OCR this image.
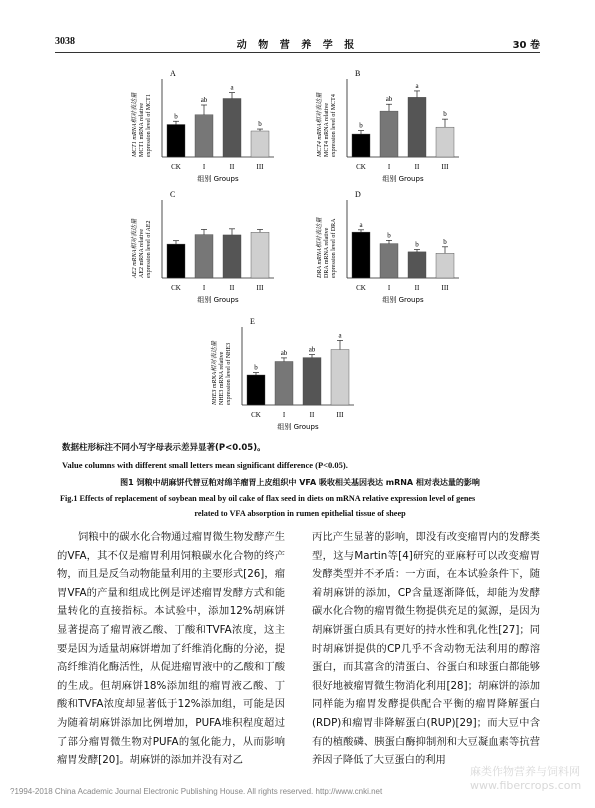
3038	动 物 营 养 学 报	30 卷
A
MCT1 mRNA相对表达量 MCT1 mRNA relative expression level of MCT1	b
CK
ab
I
a
II
b
III
组别 Groups
B
MCT4 mRNA相对表达量 MCT4 mRNA relative expression level of MCT4	b
CK
ab
I
a
II
b
III
组别 Groups
C
AE2 mRNA相对表达量 AE2 mRNA relative expression level of AE2
CK	I	II	III
组别 Groups
D
DRA mRNA相对表达量 DRA mRNA relative expression level of DRA	a
CK
b
I
b
II
b
III
组别 Groups
E
NHE3 mRNA相对表达量 NHE3 mRNA relative expression level of NHE3	b
CK
ab
I
ab
II
a
III
组别 Groups
数据柱形标注不同小写字母表示差异显著(P<0.05)。
Value columns with different small letters mean significant difference (P<0.05).
图1 饲粮中胡麻饼代替豆粕对绵羊瘤胃上皮组织中 VFA 吸收相关基因表达 mRNA 相对表达量的影响
Fig.1 Effects of replacement of soybean meal by oil cake of flax seed in diets on mRNA relative expression level of genes
related to VFA absorption in rumen epithelial tissue of sheep
饲粮中的碳水化合物通过瘤胃微生物发酵产生的VFA，其不仅是瘤胃利用饲粮碳水化合物的终产物，而且是反刍动物能量利用的主要形式[26]，瘤胃VFA的产量和组成比例是评述瘤胃发酵方式和能量转化的直接指标。本试验中，添加12%胡麻饼显著提高了瘤胃液乙酸、丁酸和TVFA浓度，这主要是因为适量胡麻饼增加了纤维消化酶的分泌，提高纤维消化酶活性，从促进瘤胃液中的乙酸和丁酸的生成。但胡麻饼18%添加组的瘤胃液乙酸、丁酸和TVFA浓度却显著低于12%添加组，可能是因为随着胡麻饼添加比例增加，PUFA堆积程度超过了部分瘤胃微生物对PUFA的氢化能力，从而影响瘤胃发酵[20]。胡麻饼的添加并没有对乙
丙比产生显著的影响，即没有改变瘤胃内的发酵类型，这与Martin等[4]研究的亚麻籽可以改变瘤胃发酵类型并不矛盾：一方面，在本试验条件下，随着胡麻饼的添加，CP含量逐渐降低，却能为发酵碳水化合物的瘤胃微生物提供充足的氮源，是因为胡麻饼蛋白质具有更好的持水性和乳化性[27]；同时胡麻饼提供的CP几乎不含动物无法利用的醇溶蛋白，而其富含的清蛋白、谷蛋白和球蛋白都能够很好地被瘤胃微生物消化利用[28]；胡麻饼的添加同样能为瘤胃发酵提供配合平衡的瘤胃降解蛋白(RDP)和瘤胃非降解蛋白(RUP)[29]；而大豆中含有的植酸磷、胰蛋白酶抑制剂和大豆凝血素等抗营养因子降低了大豆蛋白的利用
麻类作物营养与饲料网
www.fibercrops.com
?1994-2018 China Academic Journal Electronic Publishing House. All rights reserved. http://www.cnki.net
